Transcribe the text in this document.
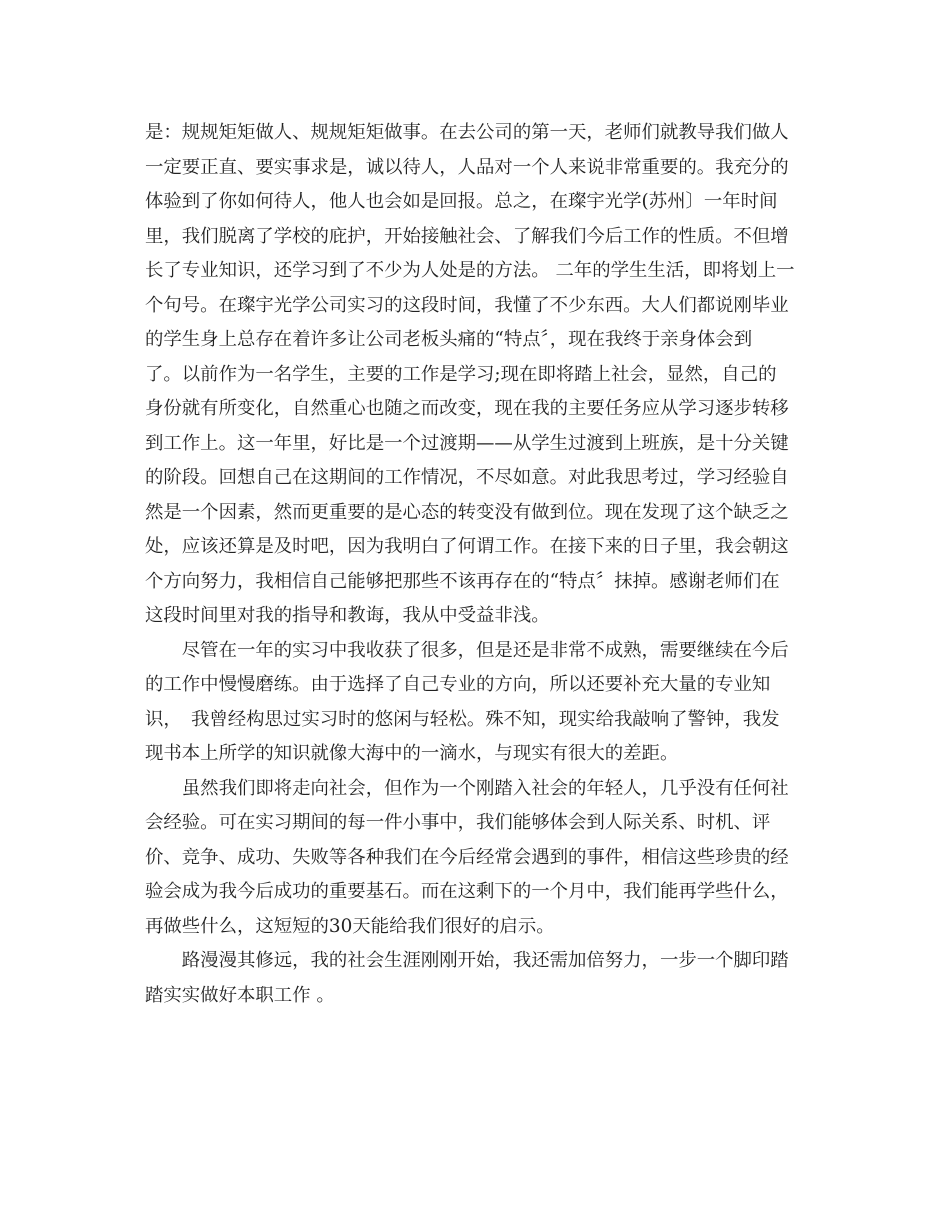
是：规规矩矩做人、规规矩矩做事。在去公司的第一天，老师们就教导我们做人
一定要正直、要实事求是，诚以待人，人品对一个人来说非常重要的。我充分的
体验到了你如何待人，他人也会如是回报。总之，在璨宇光学(苏州〕一年时间
里，我们脱离了学校的庇护，开始接触社会、了解我们今后工作的性质。不但增
长了专业知识，还学习到了不少为人处是的方法。 二年的学生生活，即将划上一
个句号。在璨宇光学公司实习的这段时间，我懂了不少东西。大人们都说刚毕业
的学生身上总存在着许多让公司老板头痛的“特点〞，现在我终于亲身体会到
了。以前作为一名学生，主要的工作是学习;现在即将踏上社会，显然，自己的
身份就有所变化，自然重心也随之而改变，现在我的主要任务应从学习逐步转移
到工作上。这一年里，好比是一个过渡期——从学生过渡到上班族，是十分关键
的阶段。回想自己在这期间的工作情况，不尽如意。对此我思考过，学习经验自
然是一个因素，然而更重要的是心态的转变没有做到位。现在发现了这个缺乏之
处，应该还算是及时吧，因为我明白了何谓工作。在接下来的日子里，我会朝这
个方向努力，我相信自己能够把那些不该再存在的“特点〞抹掉。感谢老师们在
这段时间里对我的指导和教诲，我从中受益非浅。
　　尽管在一年的实习中我收获了很多，但是还是非常不成熟，需要继续在今后
的工作中慢慢磨练。由于选择了自己专业的方向，所以还要补充大量的专业知
识，　我曾经构思过实习时的悠闲与轻松。殊不知，现实给我敲响了警钟，我发
现书本上所学的知识就像大海中的一滴水，与现实有很大的差距。
　　虽然我们即将走向社会，但作为一个刚踏入社会的年轻人，几乎没有任何社
会经验。可在实习期间的每一件小事中，我们能够体会到人际关系、时机、评
价、竞争、成功、失败等各种我们在今后经常会遇到的事件，相信这些珍贵的经
验会成为我今后成功的重要基石。而在这剩下的一个月中，我们能再学些什么，
再做些什么，这短短的30天能给我们很好的启示。
　　路漫漫其修远，我的社会生涯刚刚开始，我还需加倍努力，一步一个脚印踏
踏实实做好本职工作 。
